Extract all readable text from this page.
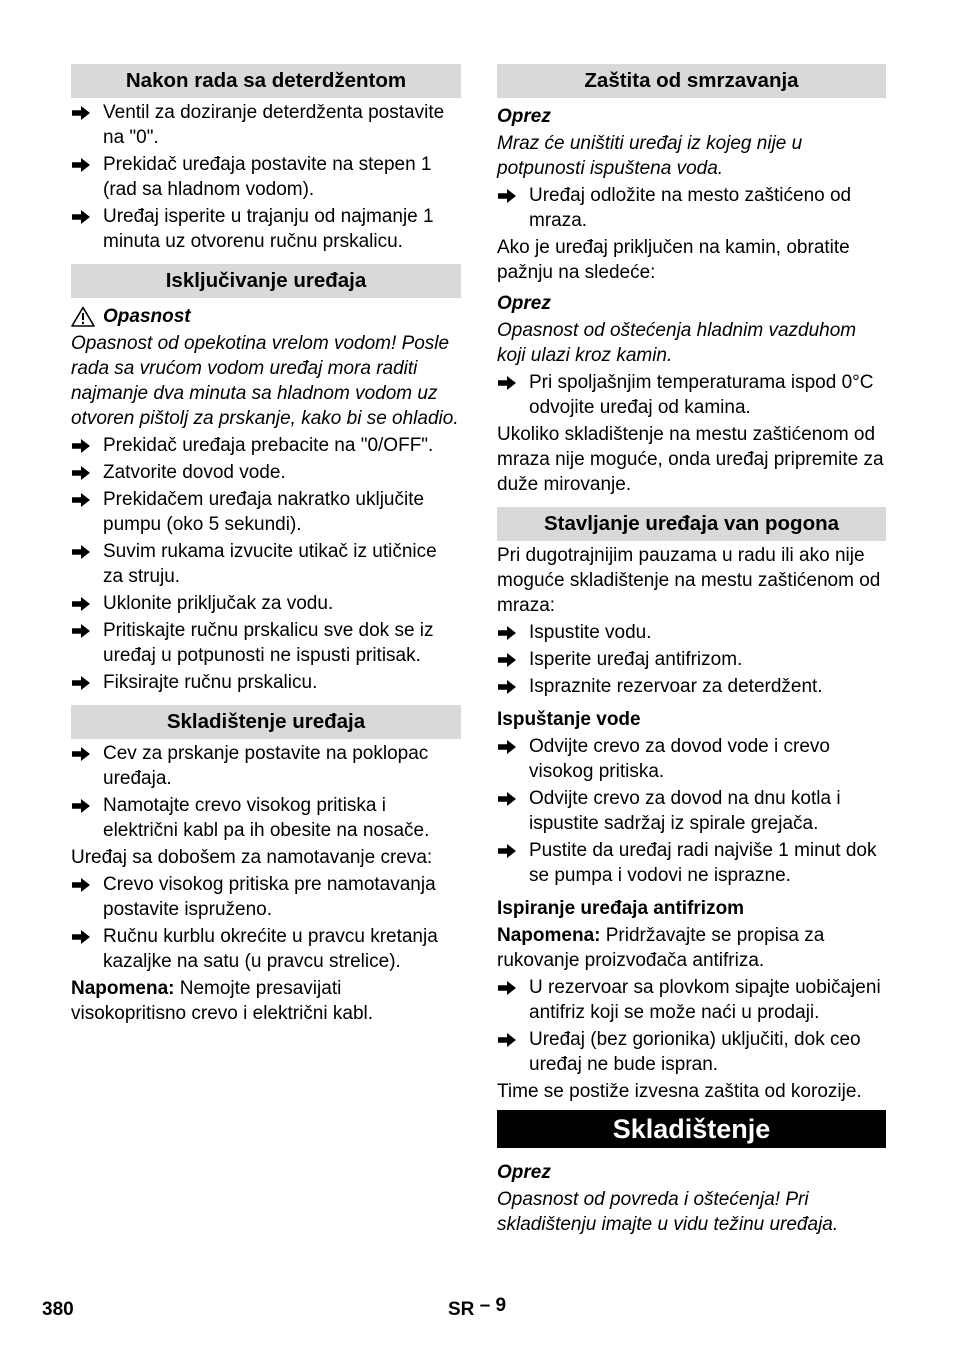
Nakon rada sa deterdžentom
Ventil za doziranje deterdženta postavite na "0".
Prekidač uređaja postavite na stepen 1 (rad sa hladnom vodom).
Uređaj isperite u trajanju od najmanje 1 minuta uz otvorenu ručnu prskalicu.
Isključivanje uređaja
Opasnost
Opasnost od opekotina vrelom vodom! Posle rada sa vrućom vodom uređaj mora raditi najmanje dva minuta sa hladnom vodom uz otvoren pištolj za prskanje, kako bi se ohladio.
Prekidač uređaja prebacite na "0/OFF".
Zatvorite dovod vode.
Prekidačem uređaja nakratko uključite pumpu (oko 5 sekundi).
Suvim rukama izvucite utikač iz utičnice za struju.
Uklonite priključak za vodu.
Pritiskajte ručnu prskalicu sve dok se iz uređaj u potpunosti ne ispusti pritisak.
Fiksirajte ručnu prskalicu.
Skladištenje uređaja
Cev za prskanje postavite na poklopac uređaja.
Namotajte crevo visokog pritiska i električni kabl pa ih obesite na nosače.
Uređaj sa dobošem za namotavanje creva:
Crevo visokog pritiska pre namotavanja postavite ispruženo.
Ručnu kurblu okrećite u pravcu kretanja kazaljke na satu (u pravcu strelice).
Napomena: Nemojte presavijati visokopritisno crevo i električni kabl.
Zaštita od smrzavanja
Oprez
Mraz će uništiti uređaj iz kojeg nije u potpunosti ispuštena voda.
Uređaj odložite na mesto zaštićeno od mraza.
Ako je uređaj priključen na kamin, obratite pažnju na sledeće:
Oprez
Opasnost od oštećenja hladnim vazduhom koji ulazi kroz kamin.
Pri spoljašnjim temperaturama ispod 0°C odvojite uređaj od kamina.
Ukoliko skladištenje na mestu zaštićenom od mraza nije moguće, onda uređaj pripremite za duže mirovanje.
Stavljanje uređaja van pogona
Pri dugotrajnijim pauzama u radu ili ako nije moguće skladištenje na mestu zaštićenom od mraza:
Ispustite vodu.
Isperite uređaj antifrizom.
Ispraznite rezervoar za deterdžent.
Ispuštanje vode
Odvijte crevo za dovod vode i crevo visokog pritiska.
Odvijte crevo za dovod na dnu kotla i ispustite sadržaj iz spirale grejača.
Pustite da uređaj radi najviše 1 minut dok se pumpa i vodovi ne isprazne.
Ispiranje uređaja antifrizom
Napomena: Pridržavajte se propisa za rukovanje proizvođača antifriza.
U rezervoar sa plovkom sipajte uobičajeni antifriz koji se može naći u prodaji.
Uređaj (bez gorionika) uključiti, dok ceo uređaj ne bude ispran.
Time se postiže izvesna zaštita od korozije.
Skladištenje
Oprez
Opasnost od povreda i oštećenja! Pri skladištenju imajte u vidu težinu uređaja.
380	SR – 9
